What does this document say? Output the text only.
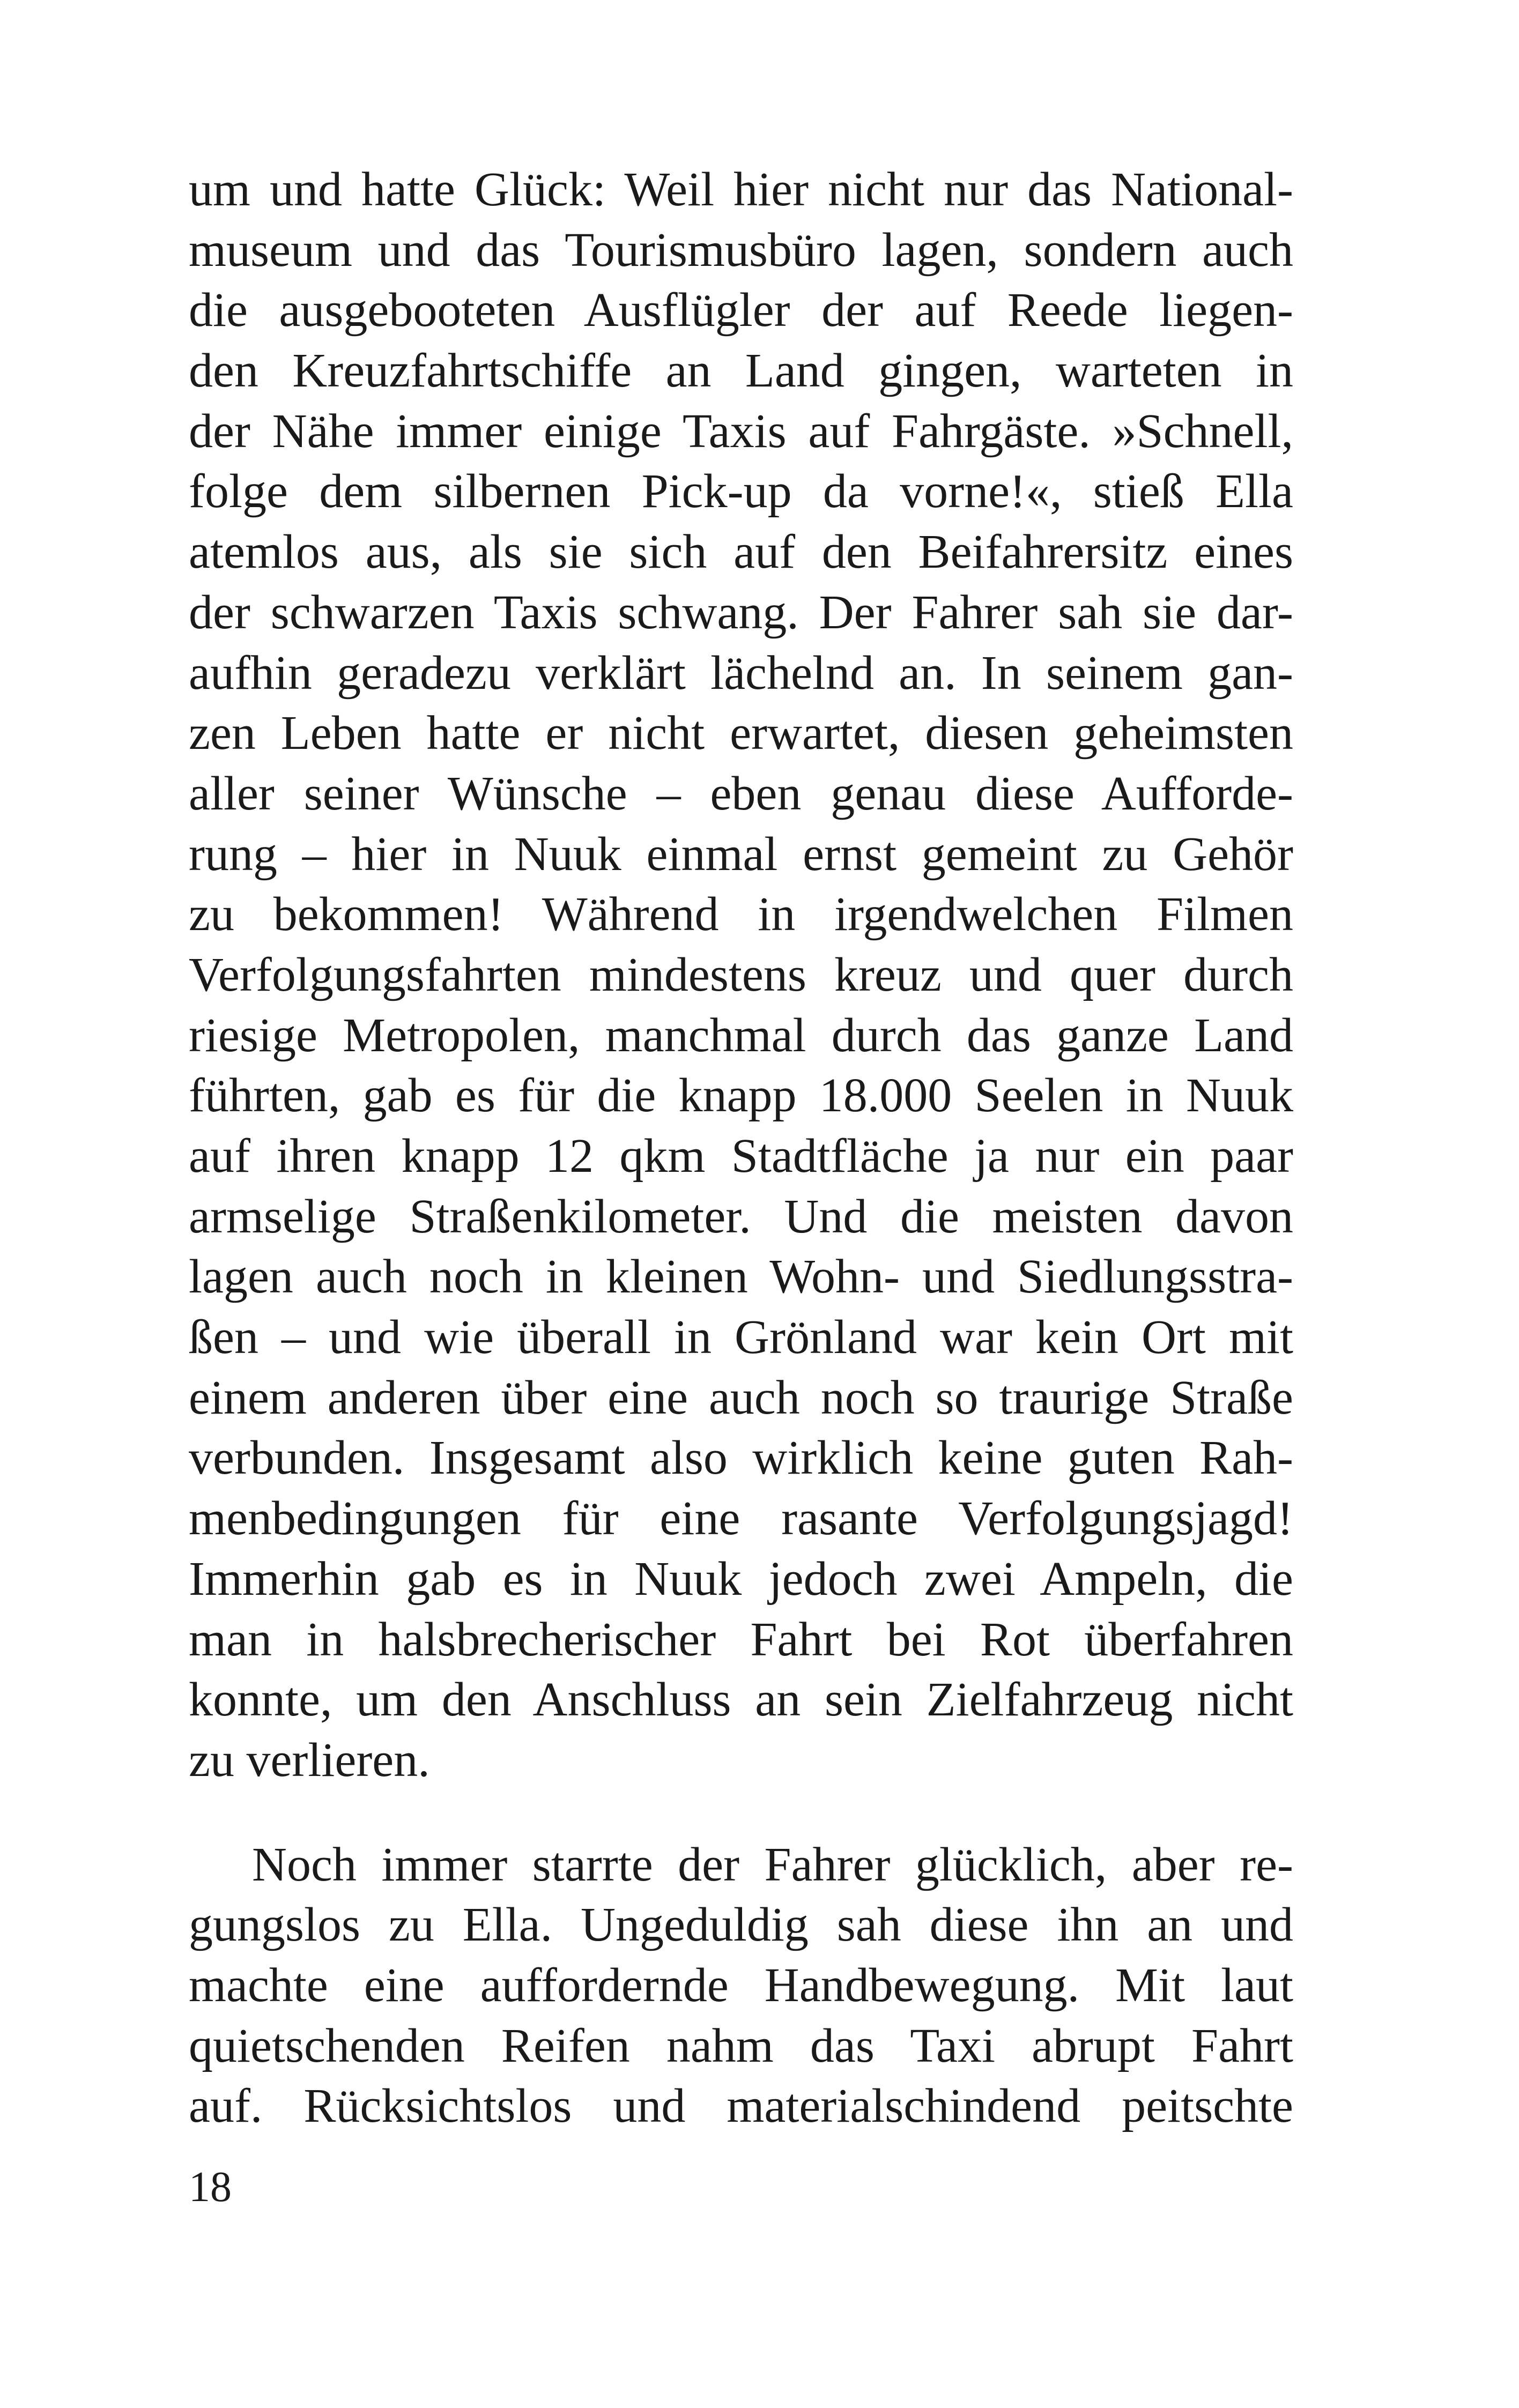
um und hatte Glück: Weil hier nicht nur das National-
museum und das Tourismusbüro lagen, sondern auch
die ausgebooteten Ausflügler der auf Reede liegen-
den Kreuzfahrtschiffe an Land gingen, warteten in
der Nähe immer einige Taxis auf Fahrgäste. »Schnell,
folge dem silbernen Pick-up da vorne!«, stieß Ella
atemlos aus, als sie sich auf den Beifahrersitz eines
der schwarzen Taxis schwang. Der Fahrer sah sie dar-
aufhin geradezu verklärt lächelnd an. In seinem gan-
zen Leben hatte er nicht erwartet, diesen geheimsten
aller seiner Wünsche – eben genau diese Aufforde-
rung – hier in Nuuk einmal ernst gemeint zu Gehör
zu bekommen! Während in irgendwelchen Filmen
Verfolgungsfahrten mindestens kreuz und quer durch
riesige Metropolen, manchmal durch das ganze Land
führten, gab es für die knapp 18.000 Seelen in Nuuk
auf ihren knapp 12 qkm Stadtfläche ja nur ein paar
armselige Straßenkilometer. Und die meisten davon
lagen auch noch in kleinen Wohn- und Siedlungsstra-
ßen – und wie überall in Grönland war kein Ort mit
einem anderen über eine auch noch so traurige Straße
verbunden. Insgesamt also wirklich keine guten Rah-
menbedingungen für eine rasante Verfolgungsjagd!
Immerhin gab es in Nuuk jedoch zwei Ampeln, die
man in halsbrecherischer Fahrt bei Rot überfahren
konnte, um den Anschluss an sein Zielfahrzeug nicht
zu verlieren.
Noch immer starrte der Fahrer glücklich, aber re-
gungslos zu Ella. Ungeduldig sah diese ihn an und
machte eine auffordernde Handbewegung. Mit laut
quietschenden Reifen nahm das Taxi abrupt Fahrt
auf. Rücksichtslos und materialschindend peitschte
18
